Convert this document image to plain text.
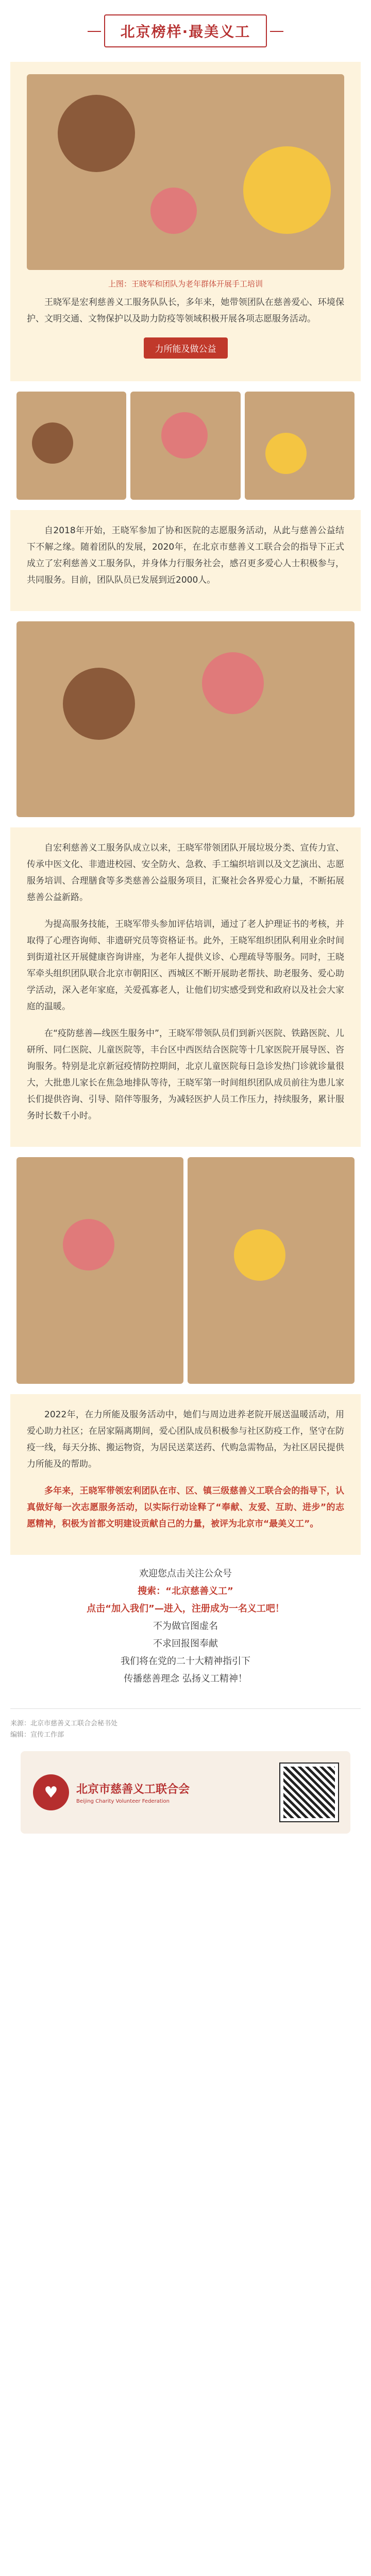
北京榜样·最美义工
上图：王晓军和团队为老年群体开展手工培训

王晓军是宏利慈善义工服务队队长，多年来，她带领团队在慈善爱心、环境保护、文明交通、文物保护以及助力防疫等领域积极开展各项志愿服务活动。

力所能及做公益

自2018年开始，王晓军参加了协和医院的志愿服务活动，从此与慈善公益结下不解之缘。随着团队的发展，2020年，在北京市慈善义工联合会的指导下正式成立了宏利慈善义工服务队，并身体力行服务社会，感召更多爱心人士积极参与，共同服务。目前，团队队员已发展到近2000人。

自宏利慈善义工服务队成立以来，王晓军带领团队开展垃圾分类、宣传力宣、传承中医文化、非遗进校园、安全防火、急救、手工编织培训以及文艺演出、志愿服务培训、合理膳食等多类慈善公益服务项目，汇聚社会各界爱心力量，不断拓展慈善公益新路。

为提高服务技能，王晓军带头参加评估培训，通过了老人护理证书的考核，并取得了心理咨询师、非遗研究员等资格证书。此外，王晓军组织团队利用业余时间到街道社区开展健康咨询讲座，为老年人提供义诊、心理疏导等服务。同时，王晓军牵头组织团队联合北京市朝阳区、西城区不断开展助老帮扶、助老服务、爱心助学活动，深入老年家庭，关爱孤寡老人，让他们切实感受到党和政府以及社会大家庭的温暖。

在“疫防慈善—线医生服务中”，王晓军带领队员们到新兴医院、铁路医院、儿研所、同仁医院、儿童医院等，丰台区中西医结合医院等十几家医院开展导医、咨询服务。特别是北京新冠疫情防控期间，北京儿童医院每日急诊发热门诊就诊量很大，大批患儿家长在焦急地排队等待，王晓军第一时间组织团队成员前往为患儿家长们提供咨询、引导、陪伴等服务，为减轻医护人员工作压力，持续服务，累计服务时长数千小时。

2022年，在力所能及服务活动中，她们与周边进养老院开展送温暖活动，用爱心助力社区；在居家隔离期间，爱心团队成员积极参与社区防疫工作，坚守在防疫一线，每天分拣、搬运物资，为居民送菜送药、代购急需物品，为社区居民提供力所能及的帮助。

多年来，王晓军带领宏利团队在市、区、镇三级慈善义工联合会的指导下，认真做好每一次志愿服务活动，以实际行动诠释了“奉献、友爱、互助、进步”的志愿精神，积极为首都文明建设贡献自己的力量，被评为北京市“最美义工”。

欢迎您点击关注公众号
搜索：“北京慈善义工”
点击“加入我们”—进入，注册成为一名义工吧！
不为做官图虚名
不求回报图奉献
我们将在党的二十大精神指引下
传播慈善理念 弘扬义工精神！
来源：北京市慈善义工联合会秘书处
编辑：宣传工作部
♥	北京市慈善义工联合会
Beijing Charity Volunteer Federation
